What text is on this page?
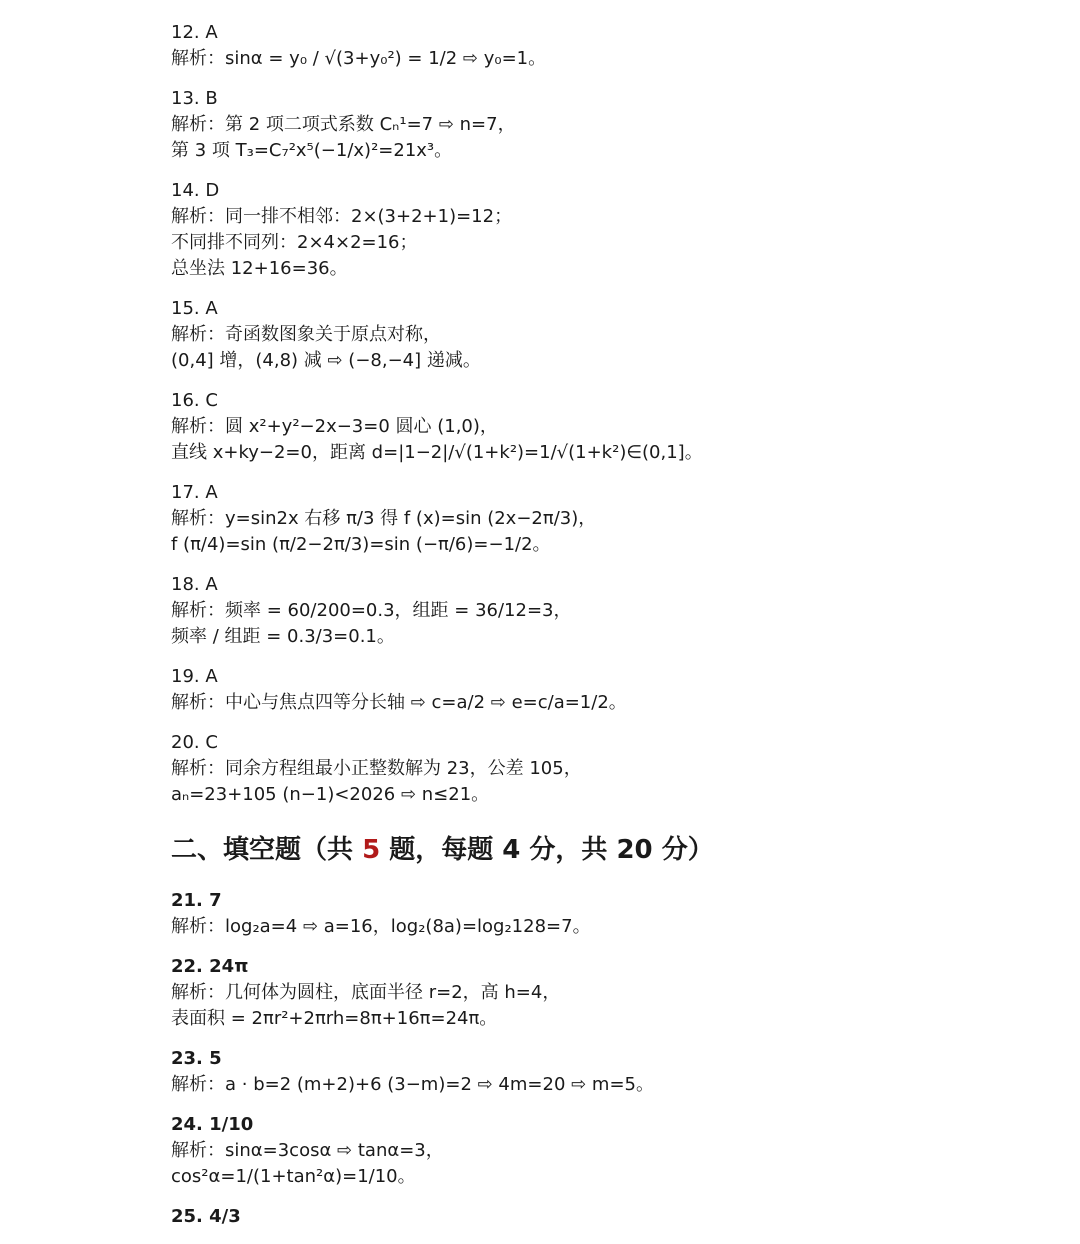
12. A
解析：sinα = y₀ / √(3+y₀²) = 1/2 ⇨ y₀=1。
13. B
解析：第 2 项二项式系数 Cₙ¹=7 ⇨ n=7，
第 3 项 T₃=C₇²x⁵(−1/x)²=21x³。
14. D
解析：同一排不相邻：2×(3+2+1)=12；
不同排不同列：2×4×2=16；
总坐法 12+16=36。
15. A
解析：奇函数图象关于原点对称，
(0,4] 增，(4,8) 减 ⇨ (−8,−4] 递减。
16. C
解析：圆 x²+y²−2x−3=0 圆心 (1,0)，
直线 x+ky−2=0，距离 d=|1−2|/√(1+k²)=1/√(1+k²)∈(0,1]。
17. A
解析：y=sin2x 右移 π/3 得 f (x)=sin (2x−2π/3)，
f (π/4)=sin (π/2−2π/3)=sin (−π/6)=−1/2。
18. A
解析：频率 = 60/200=0.3，组距 = 36/12=3，
频率 / 组距 = 0.3/3=0.1。
19. A
解析：中心与焦点四等分长轴 ⇨ c=a/2 ⇨ e=c/a=1/2。
20. C
解析：同余方程组最小正整数解为 23，公差 105，
aₙ=23+105 (n−1)<2026 ⇨ n≤21。
二、填空题（共 5 题，每题 4 分，共 20 分）
21. 7
解析：log₂a=4 ⇨ a=16，log₂(8a)=log₂128=7。
22. 24π
解析：几何体为圆柱，底面半径 r=2，高 h=4，
表面积 = 2πr²+2πrh=8π+16π=24π。
23. 5
解析：a · b=2 (m+2)+6 (3−m)=2 ⇨ 4m=20 ⇨ m=5。
24. 1/10
解析：sinα=3cosα ⇨ tanα=3，
cos²α=1/(1+tan²α)=1/10。
25. 4/3
